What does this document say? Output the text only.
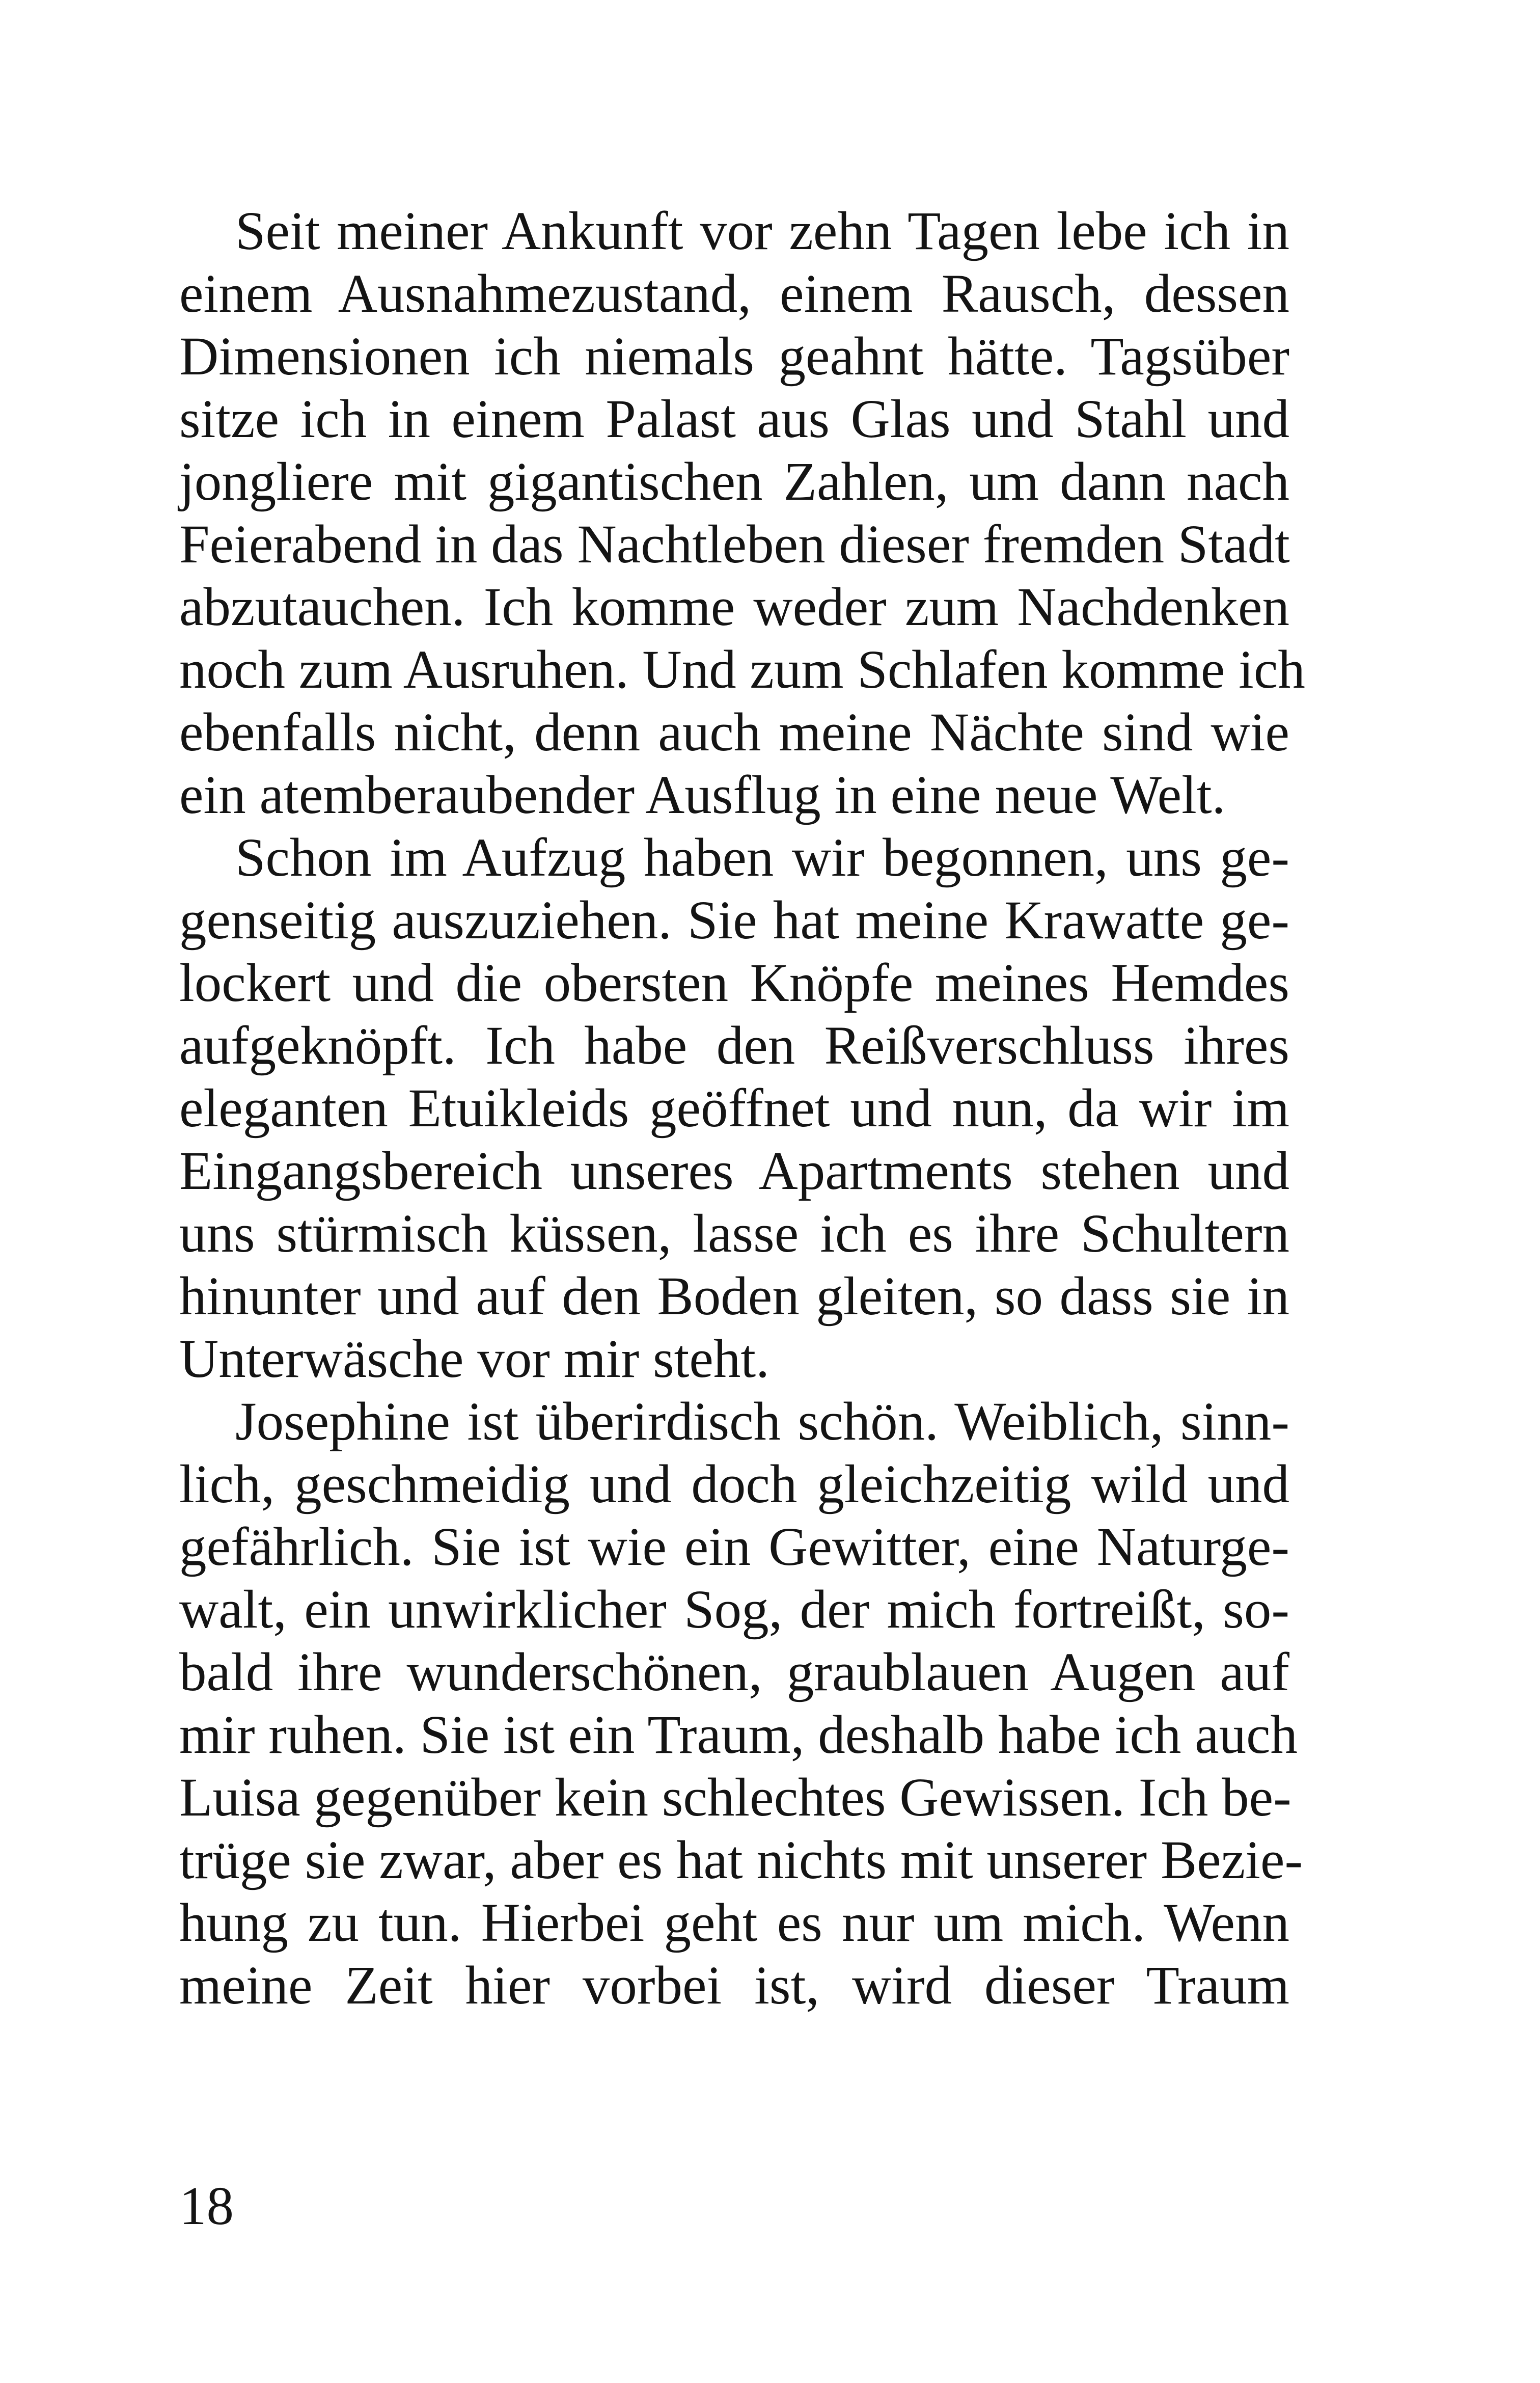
Seit meiner Ankunft vor zehn Tagen lebe ich in
einem Ausnahmezustand, einem Rausch, dessen
Dimensionen ich niemals geahnt hätte. Tagsüber
sitze ich in einem Palast aus Glas und Stahl und
jongliere mit gigantischen Zahlen, um dann nach
Feierabend in das Nachtleben dieser fremden Stadt
abzutauchen. Ich komme weder zum Nachdenken
noch zum Ausruhen. Und zum Schlafen komme ich
ebenfalls nicht, denn auch meine Nächte sind wie
ein atemberaubender Ausflug in eine neue Welt.
Schon im Aufzug haben wir begonnen, uns ge-
genseitig auszuziehen. Sie hat meine Krawatte ge-
lockert und die obersten Knöpfe meines Hemdes
aufgeknöpft. Ich habe den Reißverschluss ihres
eleganten Etuikleids geöffnet und nun, da wir im
Eingangsbereich unseres Apartments stehen und
uns stürmisch küssen, lasse ich es ihre Schultern
hinunter und auf den Boden gleiten, so dass sie in
Unterwäsche vor mir steht.
Josephine ist überirdisch schön. Weiblich, sinn-
lich, geschmeidig und doch gleichzeitig wild und
gefährlich. Sie ist wie ein Gewitter, eine Naturge-
walt, ein unwirklicher Sog, der mich fortreißt, so-
bald ihre wunderschönen, graublauen Augen auf
mir ruhen. Sie ist ein Traum, deshalb habe ich auch
Luisa gegenüber kein schlechtes Gewissen. Ich be-
trüge sie zwar, aber es hat nichts mit unserer Bezie-
hung zu tun. Hierbei geht es nur um mich. Wenn
meine Zeit hier vorbei ist, wird dieser Traum
18
